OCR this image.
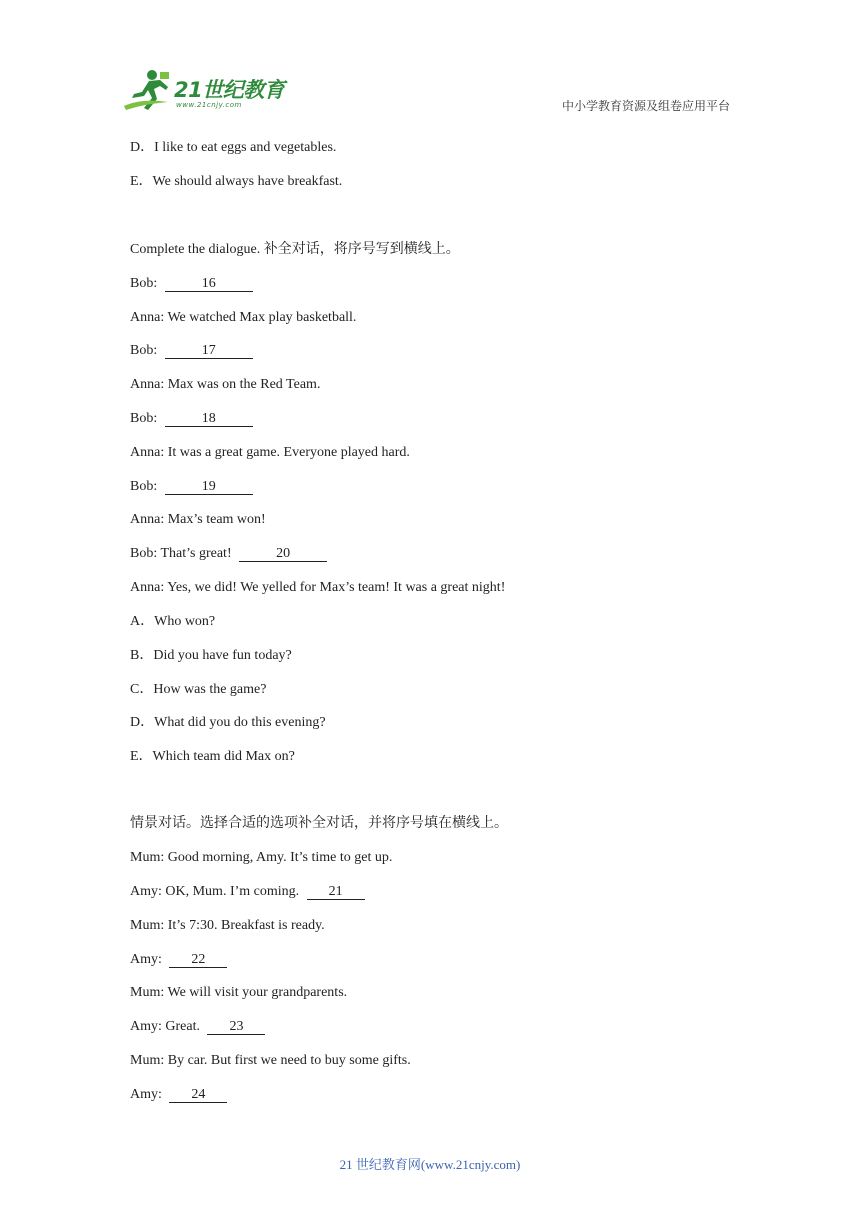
21世纪教育
www.21cnjy.com	中小学教育资源及组卷应用平台
D．I like to eat eggs and vegetables.
E．We should always have breakfast.
Complete the dialogue. 补全对话，将序号写到横线上。
Bob:	16
Anna: We watched Max play basketball.
Bob:	17
Anna: Max was on the Red Team.
Bob:	18
Anna: It was a great game. Everyone played hard.
Bob:	19
Anna: Max’s team won!
Bob: That’s great!	20
Anna: Yes, we did! We yelled for Max’s team! It was a great night!
A．Who won?
B．Did you have fun today?
C．How was the game?
D．What did you do this evening?
E．Which team did Max on?
情景对话。选择合适的选项补全对话，并将序号填在横线上。
Mum: Good morning, Amy. It’s time to get up.
Amy: OK, Mum. I’m coming. 21
Mum: It’s 7:30. Breakfast is ready.
Amy: 22
Mum: We will visit your grandparents.
Amy: Great. 23
Mum: By car. But first we need to buy some gifts.
Amy: 24
21 世纪教育网(www.21cnjy.com)
